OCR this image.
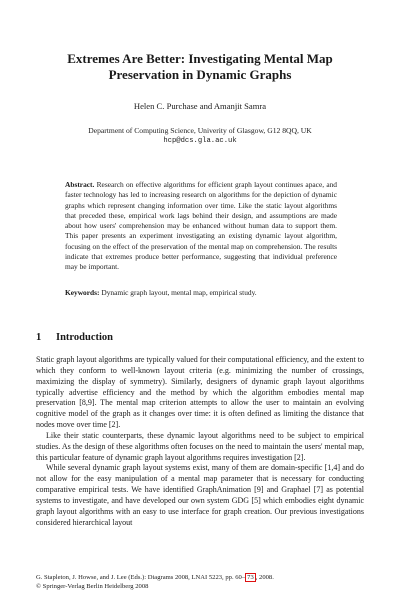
Extremes Are Better: Investigating Mental Map
Preservation in Dynamic Graphs
Helen C. Purchase and Amanjit Samra
Department of Computing Science, Univerity of Glasgow, G12 8QQ, UK
hcp@dcs.gla.ac.uk

Abstract. Research on effective algorithms for efficient graph layout continues apace, and faster technology has led to increasing research on algorithms for the depiction of dynamic graphs which represent changing information over time. Like the static layout algorithms that preceded these, empirical work lags behind their design, and assumptions are made about how users' comprehension may be enhanced without human data to support them. This paper presents an experiment investigating an existing dynamic layout algorithm, focusing on the effect of the preservation of the mental map on comprehension. The results indicate that extremes produce better performance, suggesting that individual preference may be important.

Keywords: Dynamic graph layout, mental map, empirical study.

1 Introduction

Static graph layout algorithms are typically valued for their computational efficiency, and the extent to which they conform to well-known layout criteria (e.g. minimizing the number of crossings, maximizing the display of symmetry). Similarly, designers of dynamic graph layout algorithms typically advertise efficiency and the method by which the algorithm embodies mental map preservation [8,9]. The mental map criterion attempts to allow the user to maintain an evolving cognitive model of the graph as it changes over time: it is often defined as limiting the distance that nodes move over time [2].

Like their static counterparts, these dynamic layout algorithms need to be subject to empirical studies. As the design of these algorithms often focuses on the need to maintain the users' mental map, this particular feature of dynamic graph layout algorithms requires investigation [2].

While several dynamic graph layout systems exist, many of them are domain-specific [1,4] and do not allow for the easy manipulation of a mental map parameter that is necessary for conducting comparative empirical tests. We have identified GraphAnimation [9] and Graphael [7] as potential systems to investigate, and have developed our own system GDG [5] which embodies eight dynamic graph layout algorithms with an easy to use interface for graph creation. Our previous investigations considered hierarchical layout

G. Stapleton, J. Howse, and J. Lee (Eds.): Diagrams 2008, LNAI 5223, pp. 60– 73 , 2008.
© Springer-Verlag Berlin Heidelberg 2008
